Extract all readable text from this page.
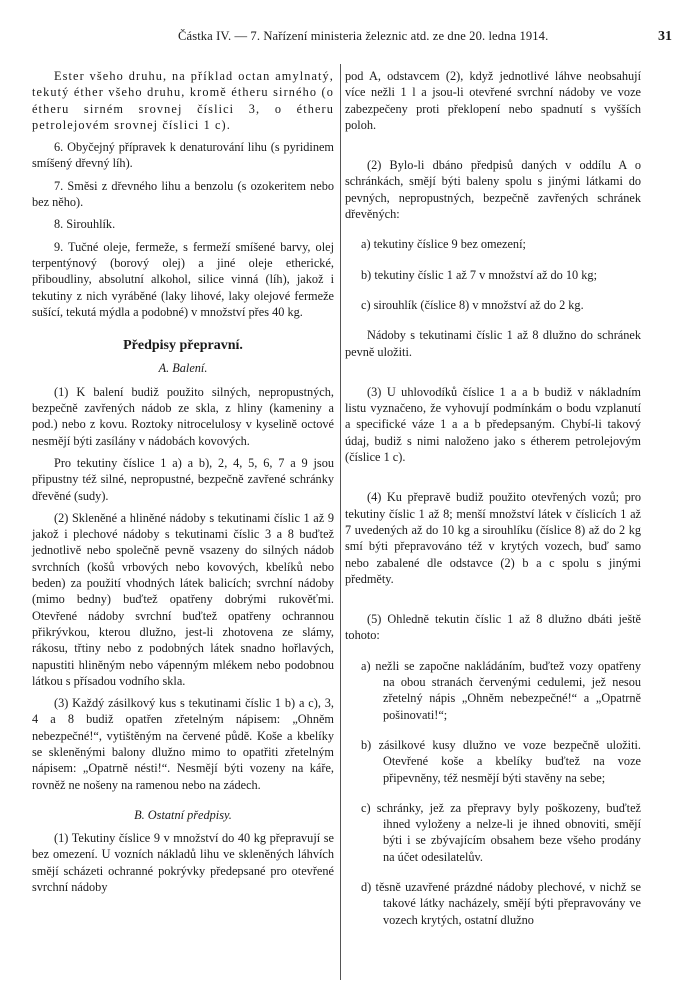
Částka IV. — 7. Nařízení ministeria železnic atd. ze dne 20. ledna 1914.	31

Ester všeho druhu, na příklad octan amylnatý, tekutý éther všeho druhu, kromě étheru sirného (o étheru sirném srovnej číslici 3, o étheru petrolejovém srovnej číslici 1 c).

6. Obyčejný přípravek k denaturování lihu (s pyridinem smíšený dřevný líh).

7. Směsi z dřevného lihu a benzolu (s ozokeritem nebo bez něho).

8. Sirouhlík.

9. Tučné oleje, fermeže, s fermeží smíšené barvy, olej terpentýnový (borový olej) a jiné oleje etherické, přiboudliny, absolutní alkohol, silice vinná (líh), jakož i tekutiny z nich vyráběné (laky lihové, laky olejové fermeže sušící, tekutá mýdla a podobné) v množství přes 40 kg.

Předpisy přepravní.

A. Balení.

(1) K balení budiž použito silných, nepropustných, bezpečně zavřených nádob ze skla, z hliny (kameniny a pod.) nebo z kovu. Roztoky nitrocelulosy v kyselině octové nesmějí býti zasílány v nádobách kovových.

Pro tekutiny číslice 1 a) a b), 2, 4, 5, 6, 7 a 9 jsou připustny též silné, nepropustné, bezpečně zavřené schránky dřevěné (sudy).

(2) Skleněné a hliněné nádoby s tekutinami číslic 1 až 9 jakož i plechové nádoby s tekutinami číslic 3 a 8 buďtež jednotlivě nebo společně pevně vsazeny do silných nádob svrchních (košů vrbových nebo kovových, kbelíků nebo beden) za použití vhodných látek balicích; svrchní nádoby (mimo bedny) buďtež opatřeny dobrými rukověťmi. Otevřené nádoby svrchní buďtež opatřeny ochrannou přikrývkou, kterou dlužno, jest-li zhotovena ze slámy, rákosu, třtiny nebo z podobných látek snadno hořlavých, napustiti hliněným nebo vápenným mlékem nebo podobnou látkou s přísadou vodního skla.

(3) Každý zásilkový kus s tekutinami číslic 1 b) a c), 3, 4 a 8 budiž opatřen zřetelným nápisem: „Ohněm nebezpečné!“, vytištěným na červené půdě. Koše a kbelíky se skleněnými balony dlužno mimo to opatřiti zřetelným nápisem: „Opatrně nésti!“. Nesmějí býti vozeny na káře, rovněž ne nošeny na ramenou nebo na zádech.

B. Ostatní předpisy.

(1) Tekutiny číslice 9 v množství do 40 kg přepravují se bez omezení. U vozních nákladů lihu ve skleněných láhvích smějí scházeti ochranné pokrývky předepsané pro otevřené svrchní nádoby

pod A, odstavcem (2), když jednotlivé láhve neobsahují více nežli 1 l a jsou-li otevřené svrchní nádoby ve voze zabezpečeny proti překlopení nebo spadnutí s vyšších poloh.

(2) Bylo-li dbáno předpisů daných v oddílu A o schránkách, smějí býti baleny spolu s jinými látkami do pevných, nepropustných, bezpečně zavřených schránek dřevěných:

a) tekutiny číslice 9 bez omezení;

b) tekutiny číslic 1 až 7 v množství až do 10 kg;

c) sirouhlík (číslice 8) v množství až do 2 kg.

Nádoby s tekutinami číslic 1 až 8 dlužno do schránek pevně uložiti.

(3) U uhlovodíků číslice 1 a a b budiž v nákladním listu vyznačeno, že vyhovují podmínkám o bodu vzplanutí a specifické váze 1 a a b předepsaným. Chybí-li takový údaj, budiž s nimi naloženo jako s étherem petrolejovým (číslice 1 c).

(4) Ku přepravě budiž použito otevřených vozů; pro tekutiny číslic 1 až 8; menší množství látek v číslicích 1 až 7 uvedených až do 10 kg a sirouhlíku (číslice 8) až do 2 kg smí býti přepravováno též v krytých vozech, buď samo nebo zabalené dle odstavce (2) b a c spolu s jinými předměty.

(5) Ohledně tekutin číslic 1 až 8 dlužno dbáti ještě tohoto:

a) nežli se započne nakládáním, buďtež vozy opatřeny na obou stranách červenými cedulemi, jež nesou zřetelný nápis „Ohněm nebezpečné!“ a „Opatrně pošinovati!“;

b) zásilkové kusy dlužno ve voze bezpečně uložiti. Otevřené koše a kbelíky buďtež na voze připevněny, též nesmějí býti stavěny na sebe;

c) schránky, jež za přepravy byly poškozeny, buďtež ihned vyloženy a nelze-li je ihned obnoviti, smějí býti i se zbývajícím obsahem beze všeho prodány na účet odesilatelův.

d) těsně uzavřené prázdné nádoby plechové, v nichž se takové látky nacházely, smějí býti přepravovány ve vozech krytých, ostatní dlužno
